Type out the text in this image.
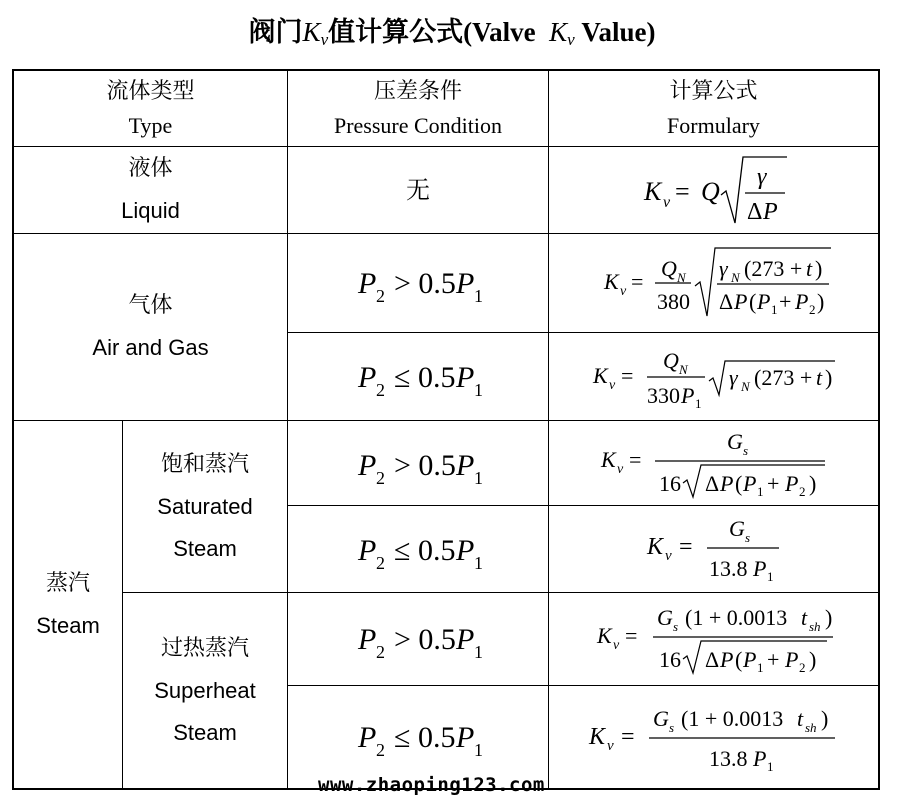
阀门$K_v$值计算公式(Valve $K_v$ Value)
流体类型
Type
压差条件
Pressure Condition
计算公式
Formulary
液体
Liquid
气体
Air and Gas
蒸汽
Steam
饱和蒸汽
Saturated
Steam
过热蒸汽
Superheat
Steam
无
P 2 > 0.5 P 1
P 2 ≤ 0.5 P 1
P 2 > 0.5 P 1
P 2 ≤ 0.5 P 1
P 2 > 0.5 P 1
P 2 ≤ 0.5 P 1
K v = Q γ
Δ P
K v =
Q N
380
γ N (273 + t )
Δ P ( P 1 + P 2 )
K v =
Q N
330 P 1
γ N (273 + t )
K v =
G s
16 Δ P ( P 1 + P 2 )
K v =
G s
13.8 P 1
K v =
G s (1 + 0.0013 t sh )
16 Δ P ( P 1 + P 2 )
K v =
G s (1 + 0.0013 t sh )
13.8 P 1
www.zhaoping123.com
